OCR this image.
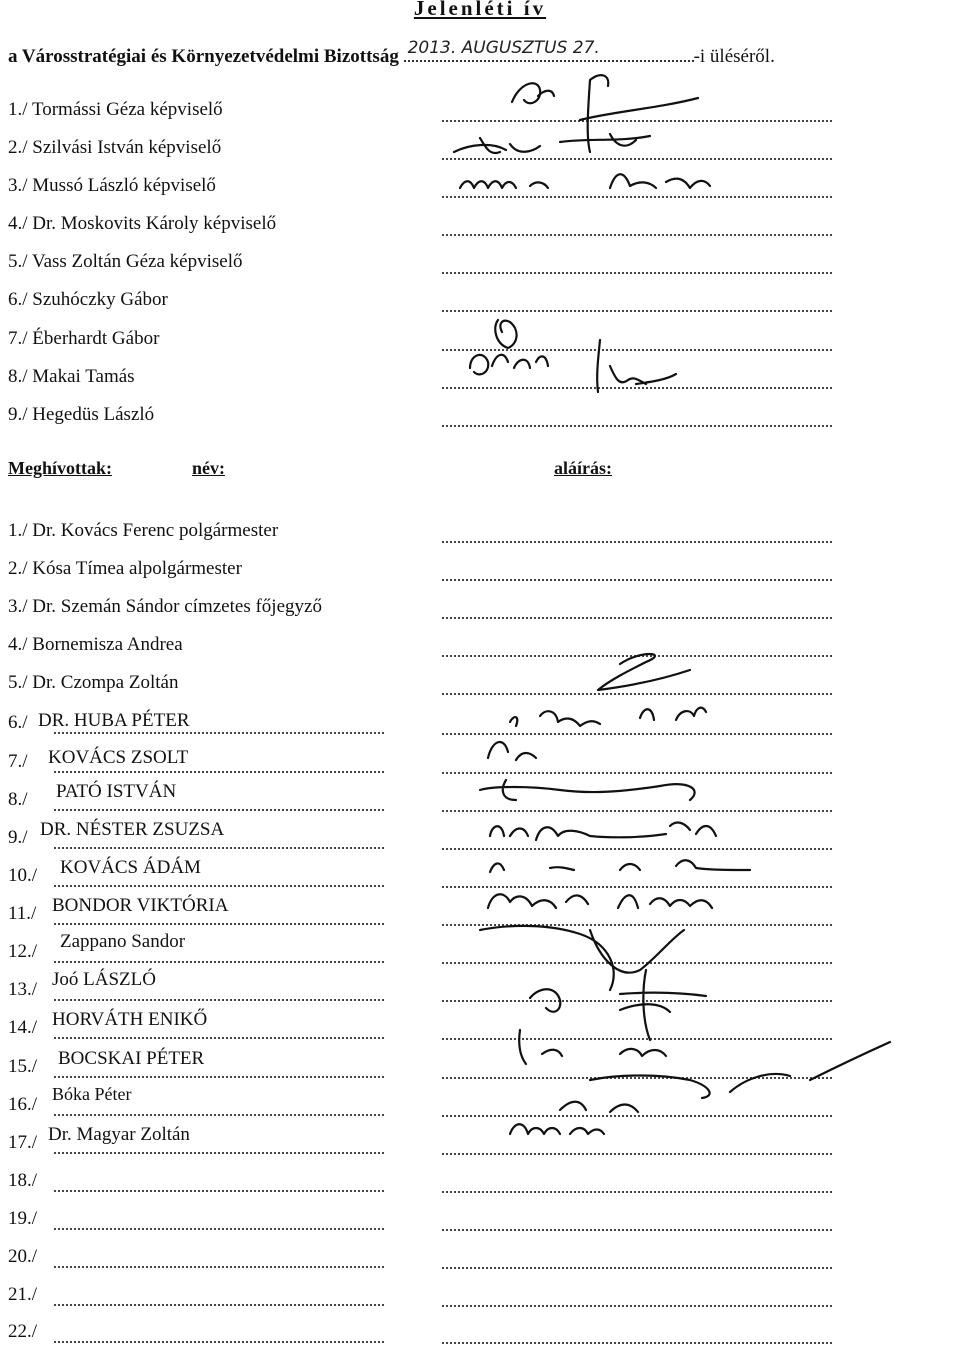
Jelenléti ív
a Városstratégiai és Környezetvédelmi Bizottság 2013. AUGUSZTUS 27.	-i üléséről.
1./ Tormássi Géza képviselő
2./ Szilvási István képviselő
3./ Mussó László képviselő
4./ Dr. Moskovits Károly képviselő
5./ Vass Zoltán Géza képviselő
6./ Szuhóczky Gábor
7./ Éberhardt Gábor
8./ Makai Tamás
9./ Hegedüs László
Meghívottak:	név:	aláírás:
1./ Dr. Kovács Ferenc polgármester
2./ Kósa Tímea alpolgármester
3./ Dr. Szemán Sándor címzetes főjegyző
4./ Bornemisza Andrea
5./ Dr. Czompa Zoltán
6./ DR. HUBA PÉTER
7./ KOVÁCS ZSOLT
8./ PATÓ ISTVÁN
9./ DR. NÉSTER ZSUZSA
10./ KOVÁCS ÁDÁM
11./ BONDOR VIKTÓRIA
12./ Zappano Sandor
13./ Joó LÁSZLÓ
14./ HORVÁTH ENIKŐ
15./ BOCSKAI PÉTER
16./ Bóka Péter
17./ Dr. Magyar Zoltán
18./
19./
20./
21./
22./
